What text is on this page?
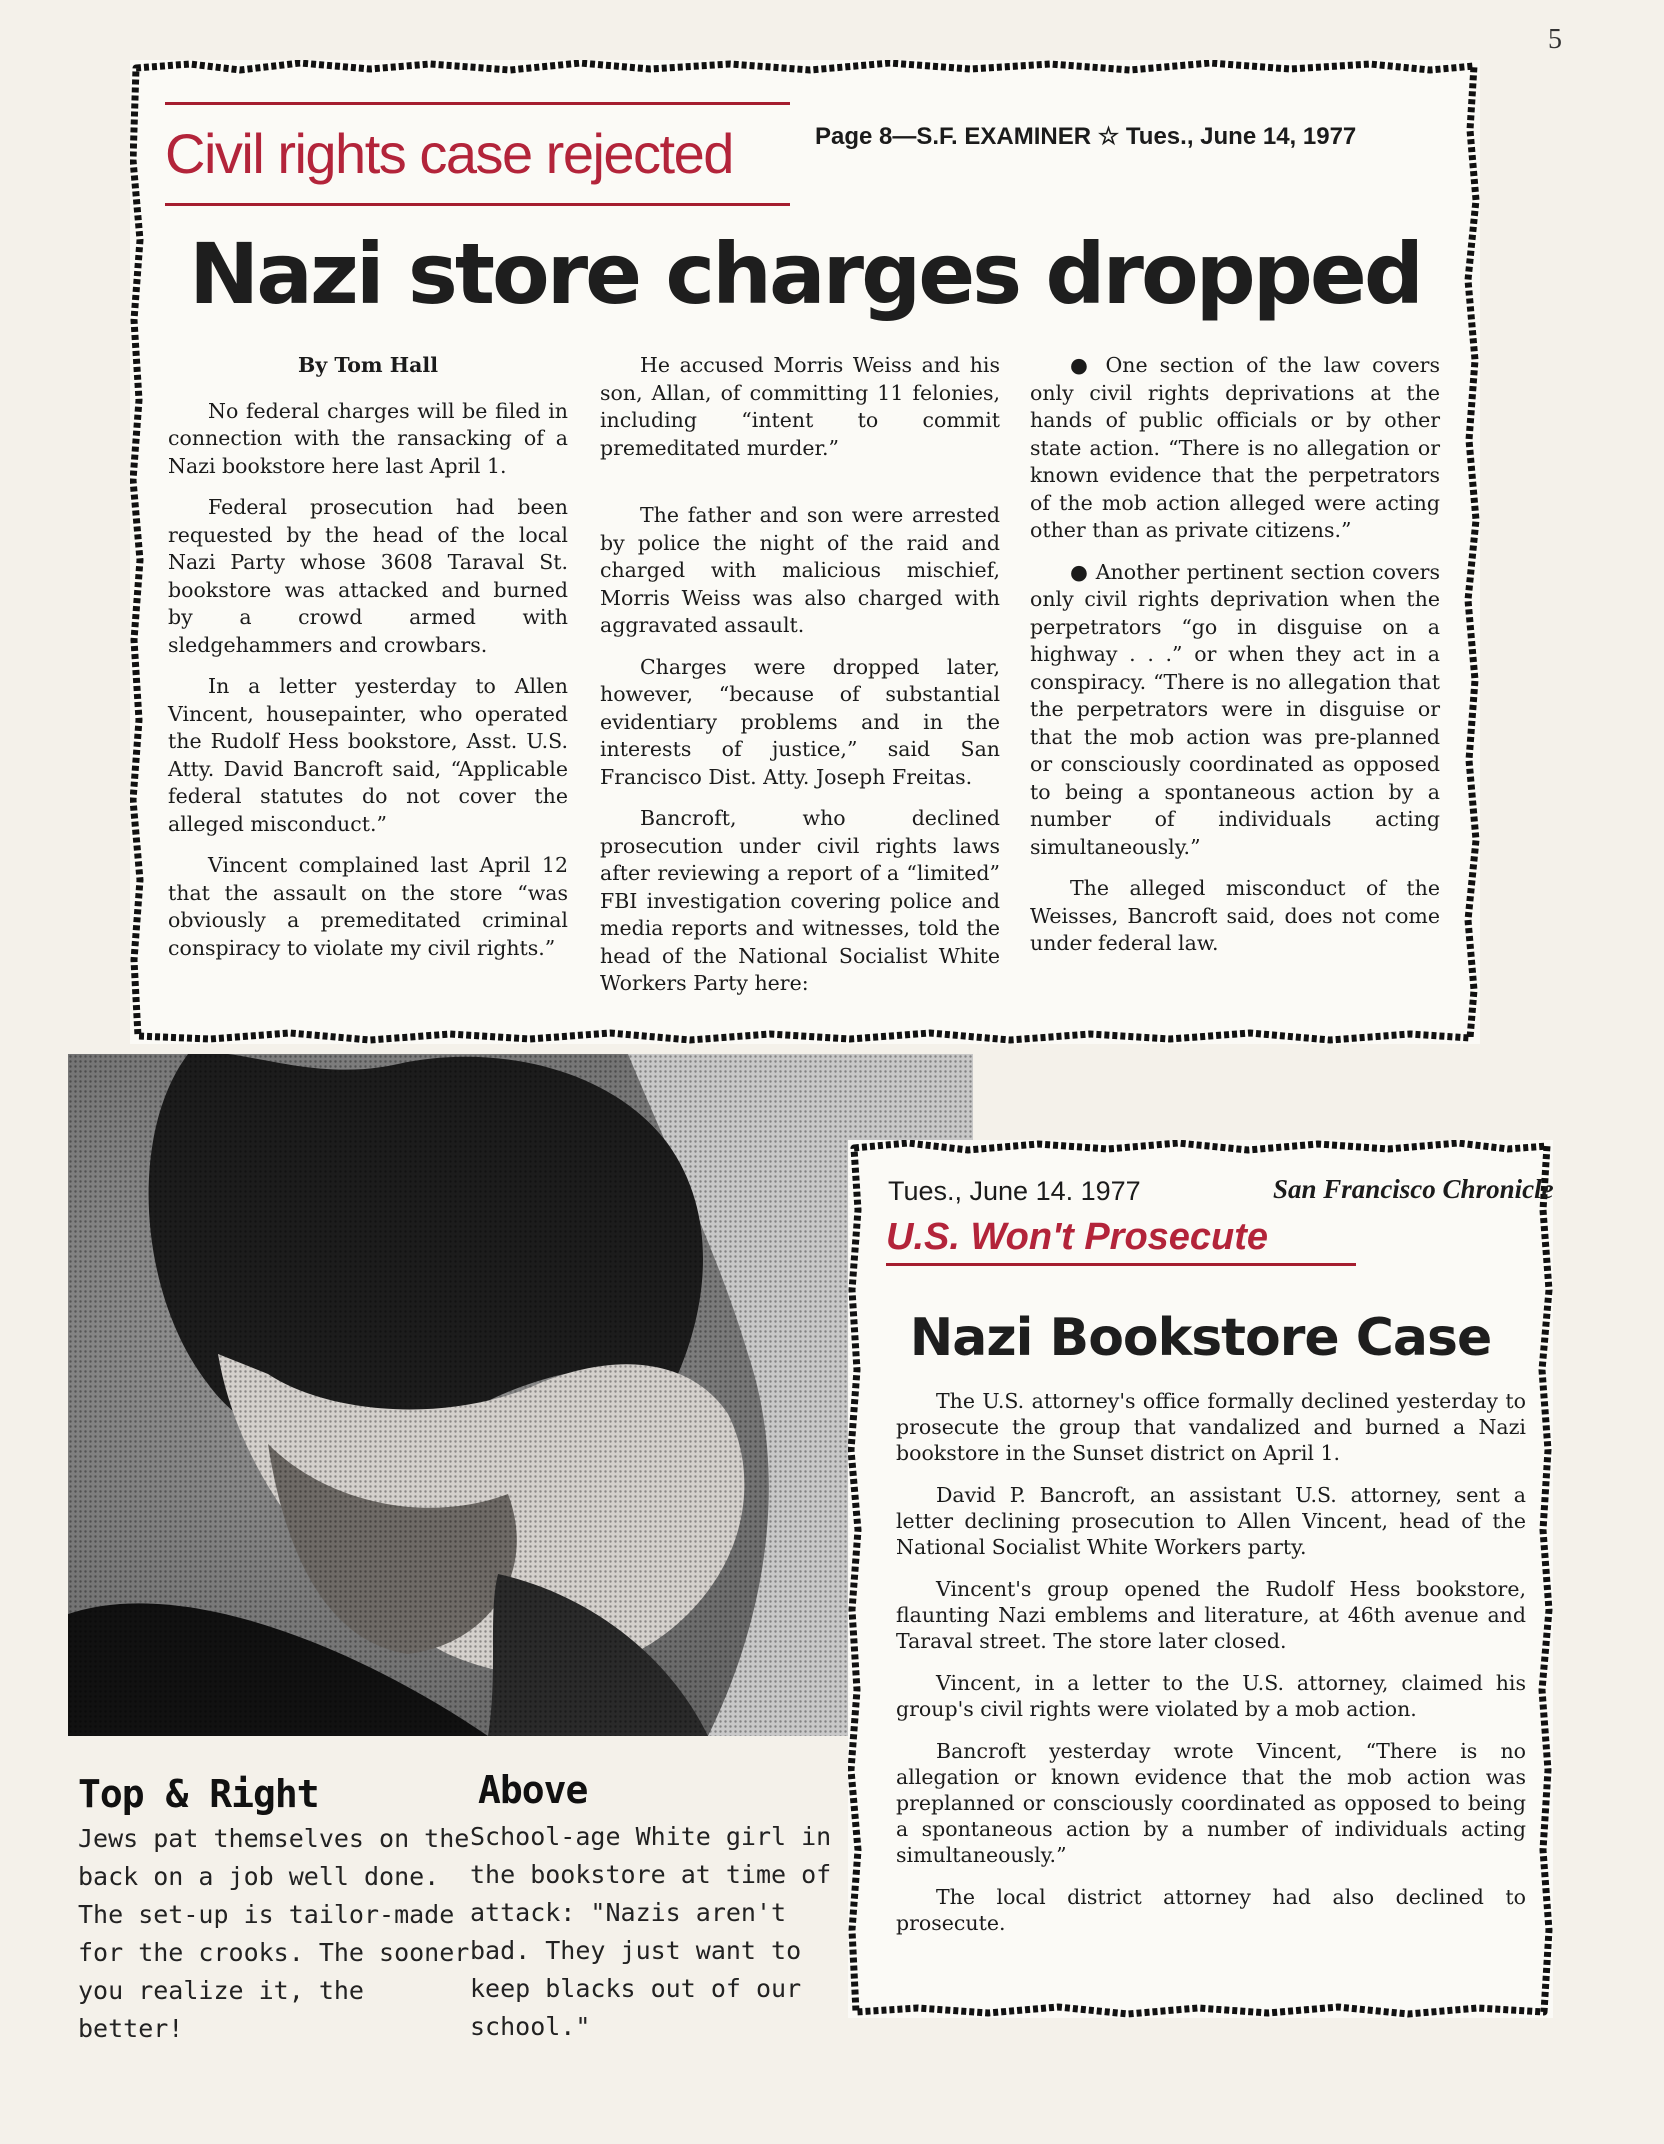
5
Civil rights case rejected	Page 8—S.F. EXAMINER ☆ Tues., June 14, 1977
Nazi store charges dropped

By Tom Hall

No federal charges will be filed in connection with the ransacking of a Nazi bookstore here last April 1.

Federal prosecution had been requested by the head of the local Nazi Party whose 3608 Taraval St. bookstore was attacked and burned by a crowd armed with sledgehammers and crowbars.

In a letter yesterday to Allen Vincent, housepainter, who operated the Rudolf Hess bookstore, Asst. U.S. Atty. David Bancroft said, “Applicable federal statutes do not cover the alleged misconduct.”

Vincent complained last April 12 that the assault on the store “was obviously a premeditated criminal conspiracy to violate my civil rights.”

He accused Morris Weiss and his son, Allan, of committing 11 felonies, including “intent to commit premeditated murder.”

The father and son were arrested by police the night of the raid and charged with malicious mischief, Morris Weiss was also charged with aggravated assault.

Charges were dropped later, however, “because of substantial evidentiary problems and in the interests of justice,” said San Francisco Dist. Atty. Joseph Freitas.

Bancroft, who declined prosecution under civil rights laws after reviewing a report of a “limited” FBI investigation covering police and media reports and witnesses, told the head of the National Socialist White Workers Party here:

● One section of the law covers only civil rights deprivations at the hands of public officials or by other state action. “There is no allegation or known evidence that the perpetrators of the mob action alleged were acting other than as private citizens.”

● Another pertinent section covers only civil rights deprivation when the perpetrators “go in disguise on a highway . . .” or when they act in a conspiracy. “There is no allegation that the perpetrators were in disguise or that the mob action was pre-planned or consciously coordinated as opposed to being a spontaneous action by a number of individuals acting simultaneously.”

The alleged misconduct of the Weisses, Bancroft said, does not come under federal law.

Top & Right
Jews pat themselves on the back on a job well done. The set-up is tailor-made for the crooks. The sooner you realize it, the better!
Above
School-age White girl in the bookstore at time of attack: "Nazis aren't bad. They just want to keep blacks out of our school."
Tues., June 14. 1977	San Francisco Chronicle
U.S. Won't Prosecute
Nazi Bookstore Case

The U.S. attorney's office formally declined yesterday to prosecute the group that vandalized and burned a Nazi bookstore in the Sunset district on April 1.

David P. Bancroft, an assistant U.S. attorney, sent a letter declining prosecution to Allen Vincent, head of the National Socialist White Workers party.

Vincent's group opened the Rudolf Hess bookstore, flaunting Nazi emblems and literature, at 46th avenue and Taraval street. The store later closed.

Vincent, in a letter to the U.S. attorney, claimed his group's civil rights were violated by a mob action.

Bancroft yesterday wrote Vincent, “There is no allegation or known evidence that the mob action was preplanned or consciously coordinated as opposed to being a spontaneous action by a number of individuals acting simultaneously.”

The local district attorney had also declined to prosecute.
